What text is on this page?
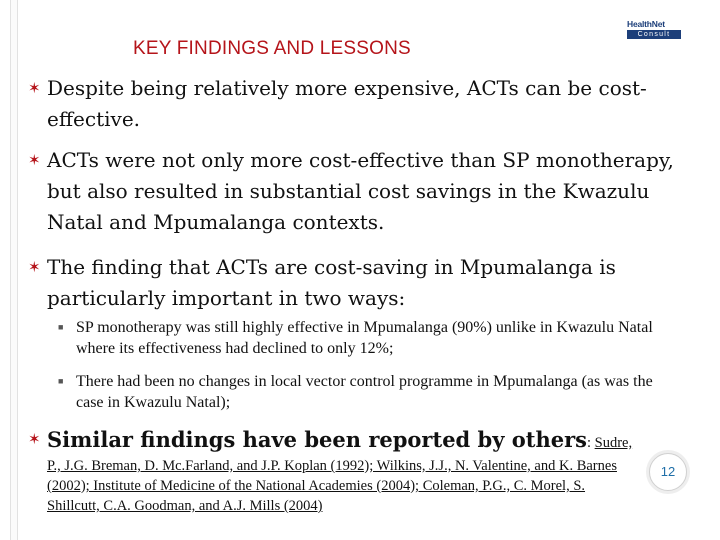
KEY FINDINGS AND LESSONS
HealthNet
Consult
✶ Despite being relatively more expensive, ACTs can be cost-effective.
✶ ACTs were not only more cost-effective than SP monotherapy, but also resulted in substantial cost savings in the Kwazulu Natal and Mpumalanga contexts.
✶ The finding that ACTs are cost-saving in Mpumalanga is particularly important in two ways:
■ SP monotherapy was still highly effective in Mpumalanga (90%) unlike in Kwazulu Natal where its effectiveness had declined to only 12%;
■ There had been no changes in local vector control programme in Mpumalanga (as was the case in Kwazulu Natal);
✶ Similar findings have been reported by others: Sudre,
P., J.G. Breman, D. Mc.Farland, and J.P. Koplan (1992); Wilkins, J.J., N. Valentine, and K. Barnes (2002); Institute of Medicine of the National Academies (2004); Coleman, P.G., C. Morel, S. Shillcutt, C.A. Goodman, and A.J. Mills (2004)
12
